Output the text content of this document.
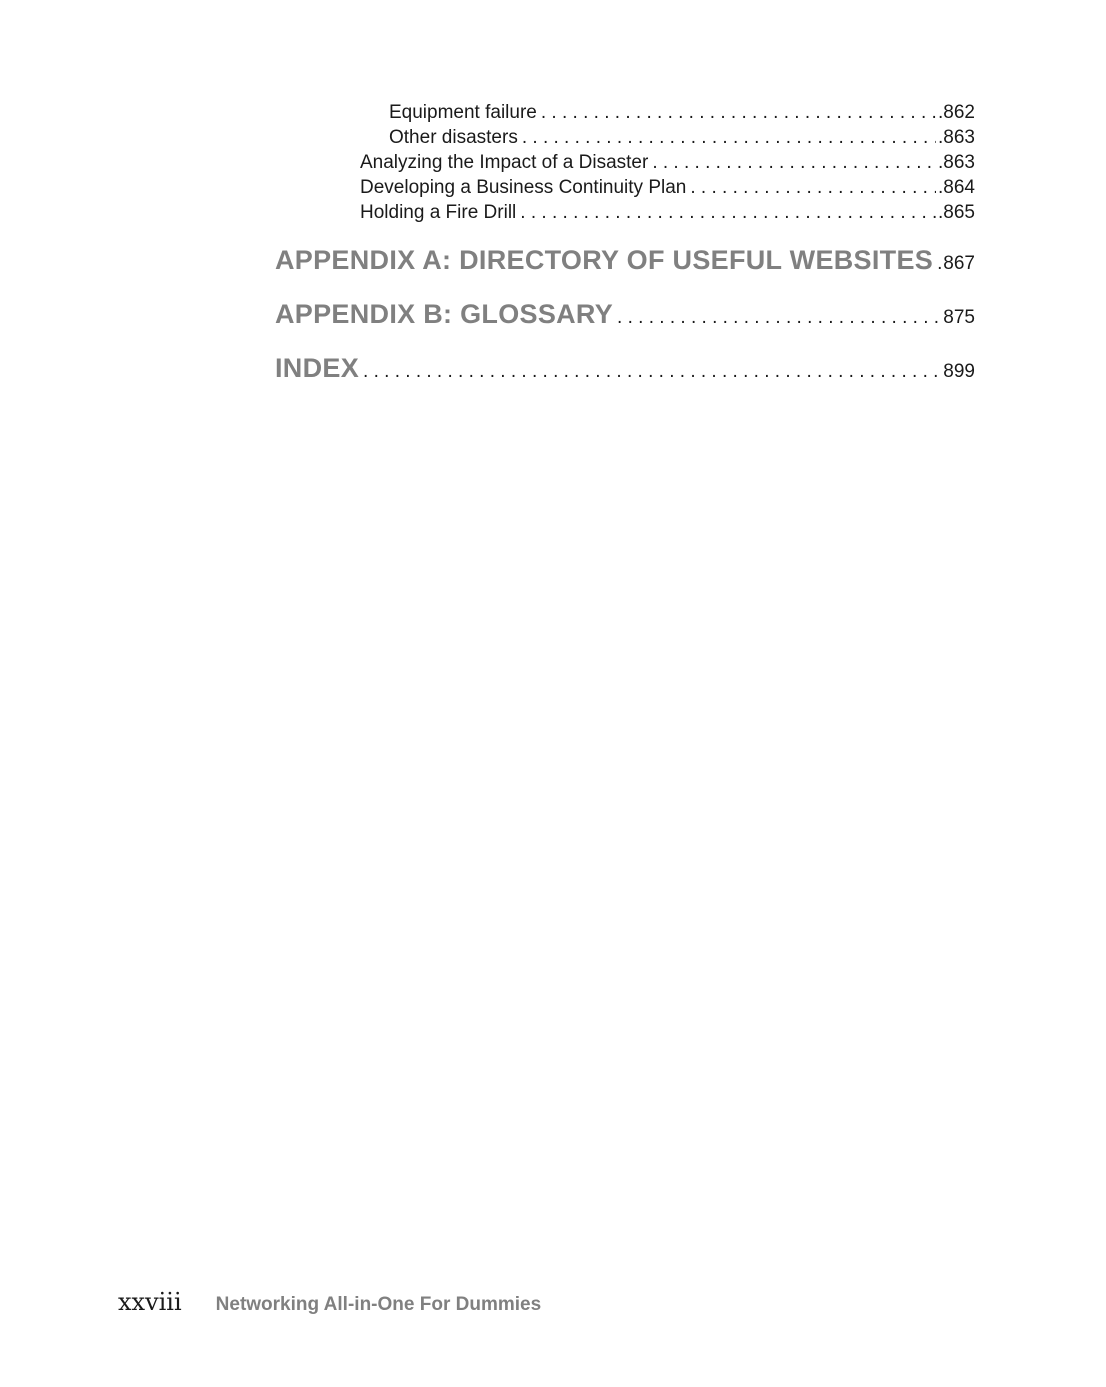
Equipment failure . . .	.862
Other disasters . . .	.863
Analyzing the Impact of a Disaster . . .	.863
Developing a Business Continuity Plan . . .	.864
Holding a Fire Drill . . .	.865
APPENDIX A: DIRECTORY OF USEFUL WEBSITES . . . 867
APPENDIX B: GLOSSARY . . .	875
INDEX . . .	899
xxviii Networking All-in-One For Dummies
